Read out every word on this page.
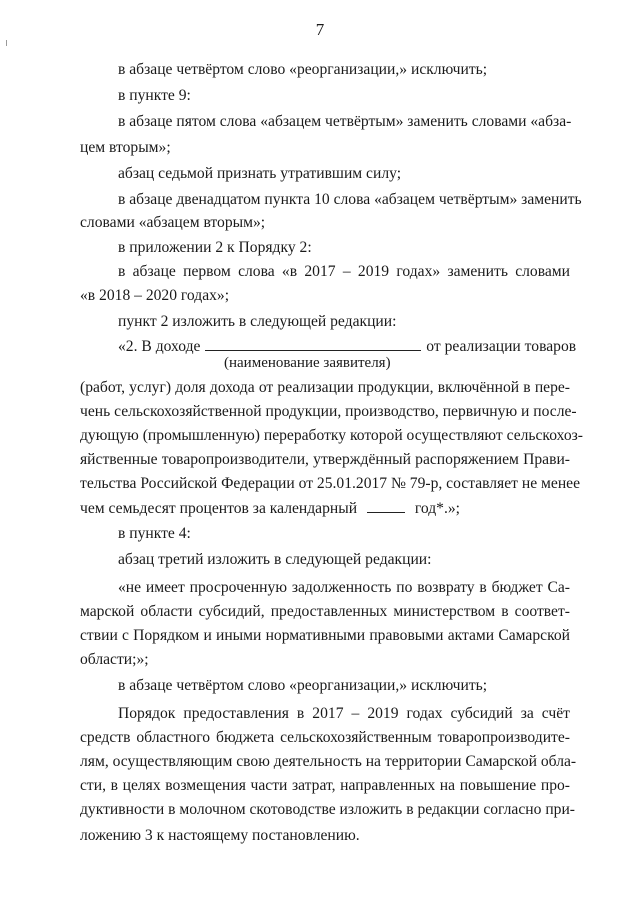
7
в абзаце четвёртом слово «реорганизации,» исключить;
в пункте 9:
в абзаце пятом слова «абзацем четвёртым» заменить словами «абза-
цем вторым»;
абзац седьмой признать утратившим силу;
в абзаце двенадцатом пункта 10 слова «абзацем четвёртым» заменить
словами «абзацем вторым»;
в приложении 2 к Порядку 2:
в абзаце первом слова «в 2017 – 2019 годах» заменить словами
«в 2018 – 2020 годах»;
пункт 2 изложить в следующей редакции:
«2. В доходе	от реализации товаров
(наименование заявителя)
(работ, услуг) доля дохода от реализации продукции, включённой в пере-
чень сельскохозяйственной продукции, производство, первичную и после-
дующую (промышленную) переработку которой осуществляют сельскохоз-
яйственные товаропроизводители, утверждённый распоряжением Прави-
тельства Российской Федерации от 25.01.2017 № 79-р, составляет не менее
чем семьдесят процентов за календарный	год*.»;
в пункте 4:
абзац третий изложить в следующей редакции:
«не имеет просроченную задолженность по возврату в бюджет Са-
марской области субсидий, предоставленных министерством в соответ-
ствии с Порядком и иными нормативными правовыми актами Самарской
области;»;
в абзаце четвёртом слово «реорганизации,» исключить;
Порядок предоставления в 2017 – 2019 годах субсидий за счёт
средств областного бюджета сельскохозяйственным товаропроизводите-
лям, осуществляющим свою деятельность на территории Самарской обла-
сти, в целях возмещения части затрат, направленных на повышение про-
дуктивности в молочном скотоводстве изложить в редакции согласно при-
ложению 3 к настоящему постановлению.
